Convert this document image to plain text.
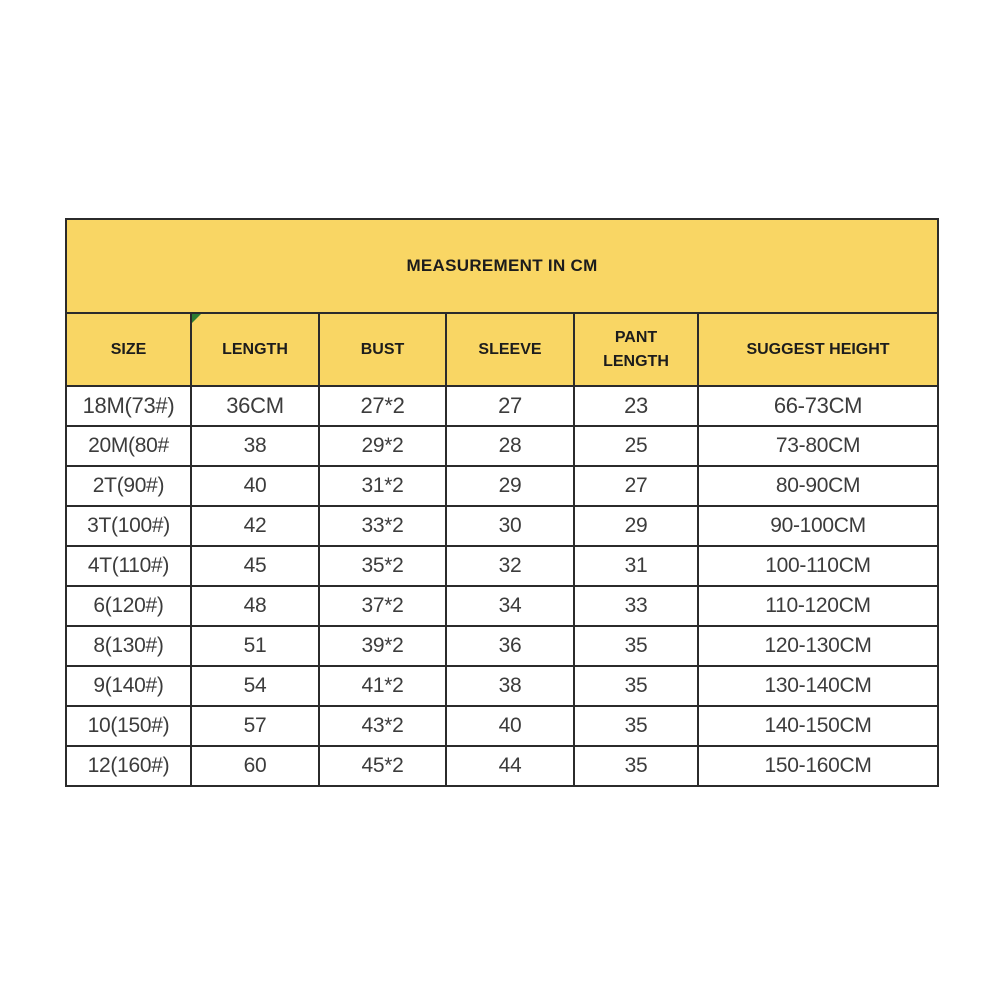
MEASUREMENT IN CM					
SIZE	LENGTH	BUST	SLEEVE	PANT LENGTH	SUGGEST HEIGHT
18M(73#)	36CM	27*2	27	23	66-73CM
20M(80#	38	29*2	28	25	73-80CM
2T(90#)	40	31*2	29	27	80-90CM
3T(100#)	42	33*2	30	29	90-100CM
4T(110#)	45	35*2	32	31	100-110CM
6(120#)	48	37*2	34	33	110-120CM
8(130#)	51	39*2	36	35	120-130CM
9(140#)	54	41*2	38	35	130-140CM
10(150#)	57	43*2	40	35	140-150CM
12(160#)	60	45*2	44	35	150-160CM
